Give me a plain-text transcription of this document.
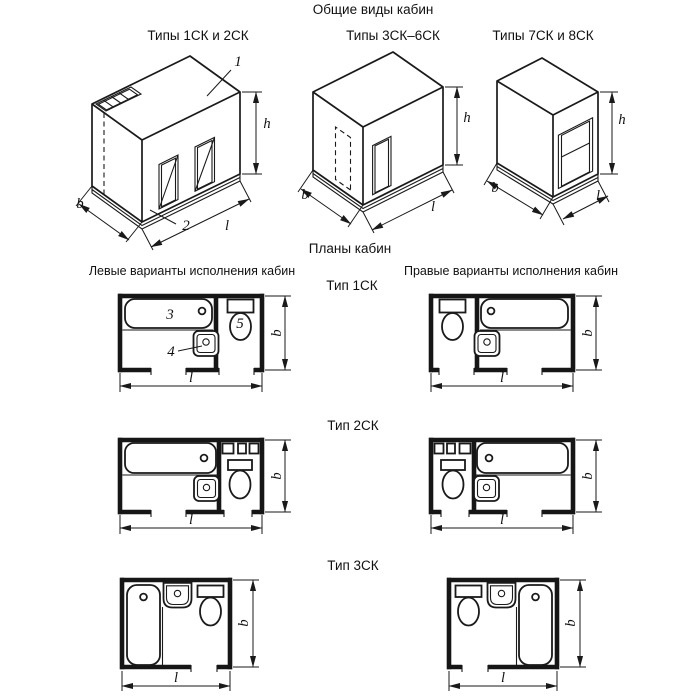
Общие виды кабин
Типы 1СК и 2СК
1
2
h
b
l
Типы 3СК–6СК
h
b
l
Типы 7СК и 8СК
h
b	l
Планы кабин
Левые варианты исполнения кабин	Правые варианты исполнения кабин
Тип 1СК
3
4
5
b
l
b
l
Тип 2СК
b
l
b
l
Тип 3СК
b
l
b
l
